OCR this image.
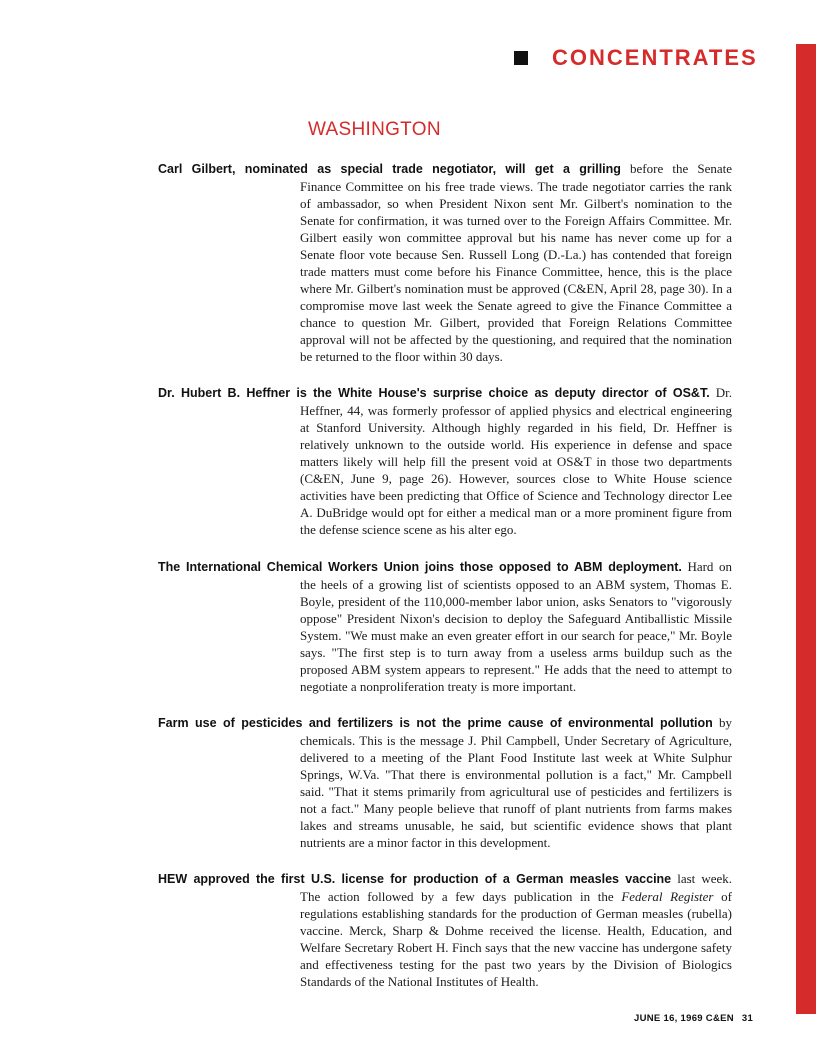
CONCENTRATES
WASHINGTON
Carl Gilbert, nominated as special trade negotiator, will get a grilling before the Senate

Finance Committee on his free trade views. The trade negotiator carries the rank of ambassador, so when President Nixon sent Mr. Gilbert's nomination to the Senate for confirmation, it was turned over to the Foreign Affairs Committee. Mr. Gilbert easily won committee approval but his name has never come up for a Senate floor vote because Sen. Russell Long (D.-La.) has contended that foreign trade matters must come before his Finance Committee, hence, this is the place where Mr. Gilbert's nomination must be approved (C&EN, April 28, page 30). In a compromise move last week the Senate agreed to give the Finance Committee a chance to question Mr. Gilbert, provided that Foreign Relations Committee approval will not be affected by the questioning, and required that the nomination be returned to the floor within 30 days.

Dr. Hubert B. Heffner is the White House's surprise choice as deputy director of OS&T. Dr.

Heffner, 44, was formerly professor of applied physics and electrical engineering at Stanford University. Although highly regarded in his field, Dr. Heffner is relatively unknown to the outside world. His experience in defense and space matters likely will help fill the present void at OS&T in those two departments (C&EN, June 9, page 26). However, sources close to White House science activities have been predicting that Office of Science and Technology director Lee A. DuBridge would opt for either a medical man or a more prominent figure from the defense science scene as his alter ego.

The International Chemical Workers Union joins those opposed to ABM deployment. Hard on

the heels of a growing list of scientists opposed to an ABM system, Thomas E. Boyle, president of the 110,000-member labor union, asks Senators to "vigorously oppose" President Nixon's decision to deploy the Safeguard Antiballistic Missile System. "We must make an even greater effort in our search for peace," Mr. Boyle says. "The first step is to turn away from a useless arms buildup such as the proposed ABM system appears to represent." He adds that the need to attempt to negotiate a nonproliferation treaty is more important.

Farm use of pesticides and fertilizers is not the prime cause of environmental pollution by

chemicals. This is the message J. Phil Campbell, Under Secretary of Agriculture, delivered to a meeting of the Plant Food Institute last week at White Sulphur Springs, W.Va. "That there is environmental pollution is a fact," Mr. Campbell said. "That it stems primarily from agricultural use of pesticides and fertilizers is not a fact." Many people believe that runoff of plant nutrients from farms makes lakes and streams unusable, he said, but scientific evidence shows that plant nutrients are a minor factor in this development.

HEW approved the first U.S. license for production of a German measles vaccine last week.

The action followed by a few days publication in the Federal Register of regulations establishing standards for the production of German measles (rubella) vaccine. Merck, Sharp & Dohme received the license. Health, Education, and Welfare Secretary Robert H. Finch says that the new vaccine has undergone safety and effectiveness testing for the past two years by the Division of Biologics Standards of the National Institutes of Health.

JUNE 16, 1969 C&EN 31
